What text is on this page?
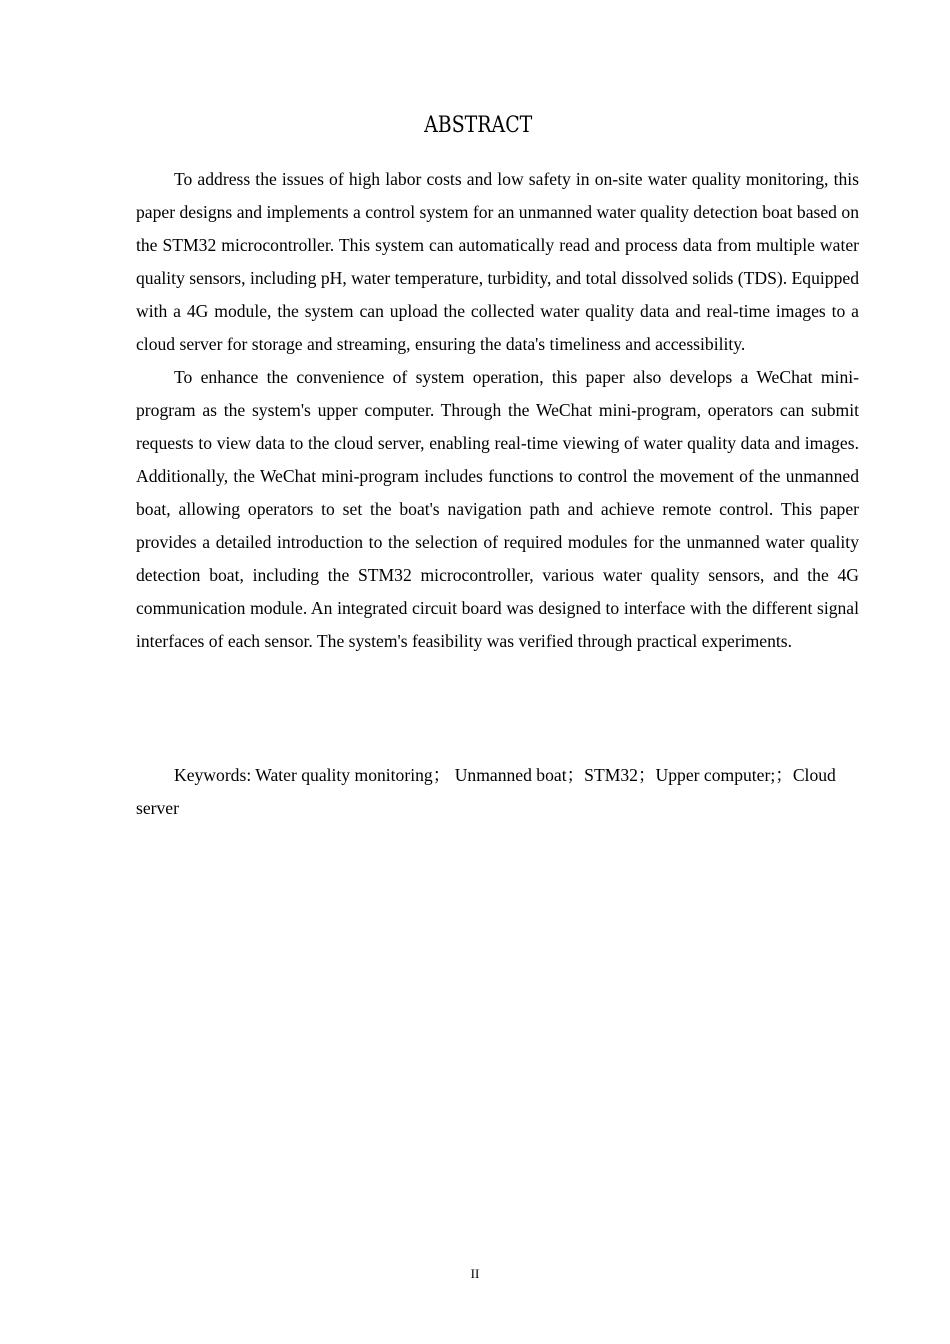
ABSTRACT

To address the issues of high labor costs and low safety in on-site water quality monitoring, this paper designs and implements a control system for an unmanned water quality detection boat based on the STM32 microcontroller. This system can automatically read and process data from multiple water quality sensors, including pH, water temperature, turbidity, and total dissolved solids (TDS). Equipped with a 4G module, the system can upload the collected water quality data and real-time images to a cloud server for storage and streaming, ensuring the data's timeliness and accessibility.

To enhance the convenience of system operation, this paper also develops a WeChat mini-program as the system's upper computer. Through the WeChat mini-program, operators can submit requests to view data to the cloud server, enabling real-time viewing of water quality data and images. Additionally, the WeChat mini-program includes functions to control the movement of the unmanned boat, allowing operators to set the boat's navigation path and achieve remote control. This paper provides a detailed introduction to the selection of required modules for the unmanned water quality detection boat, including the STM32 microcontroller, various water quality sensors, and the 4G communication module. An integrated circuit board was designed to interface with the different signal interfaces of each sensor. The system's feasibility was verified through practical experiments.

Keywords: Water quality monitoring； Unmanned boat；STM32；Upper computer;；Cloud server

II
